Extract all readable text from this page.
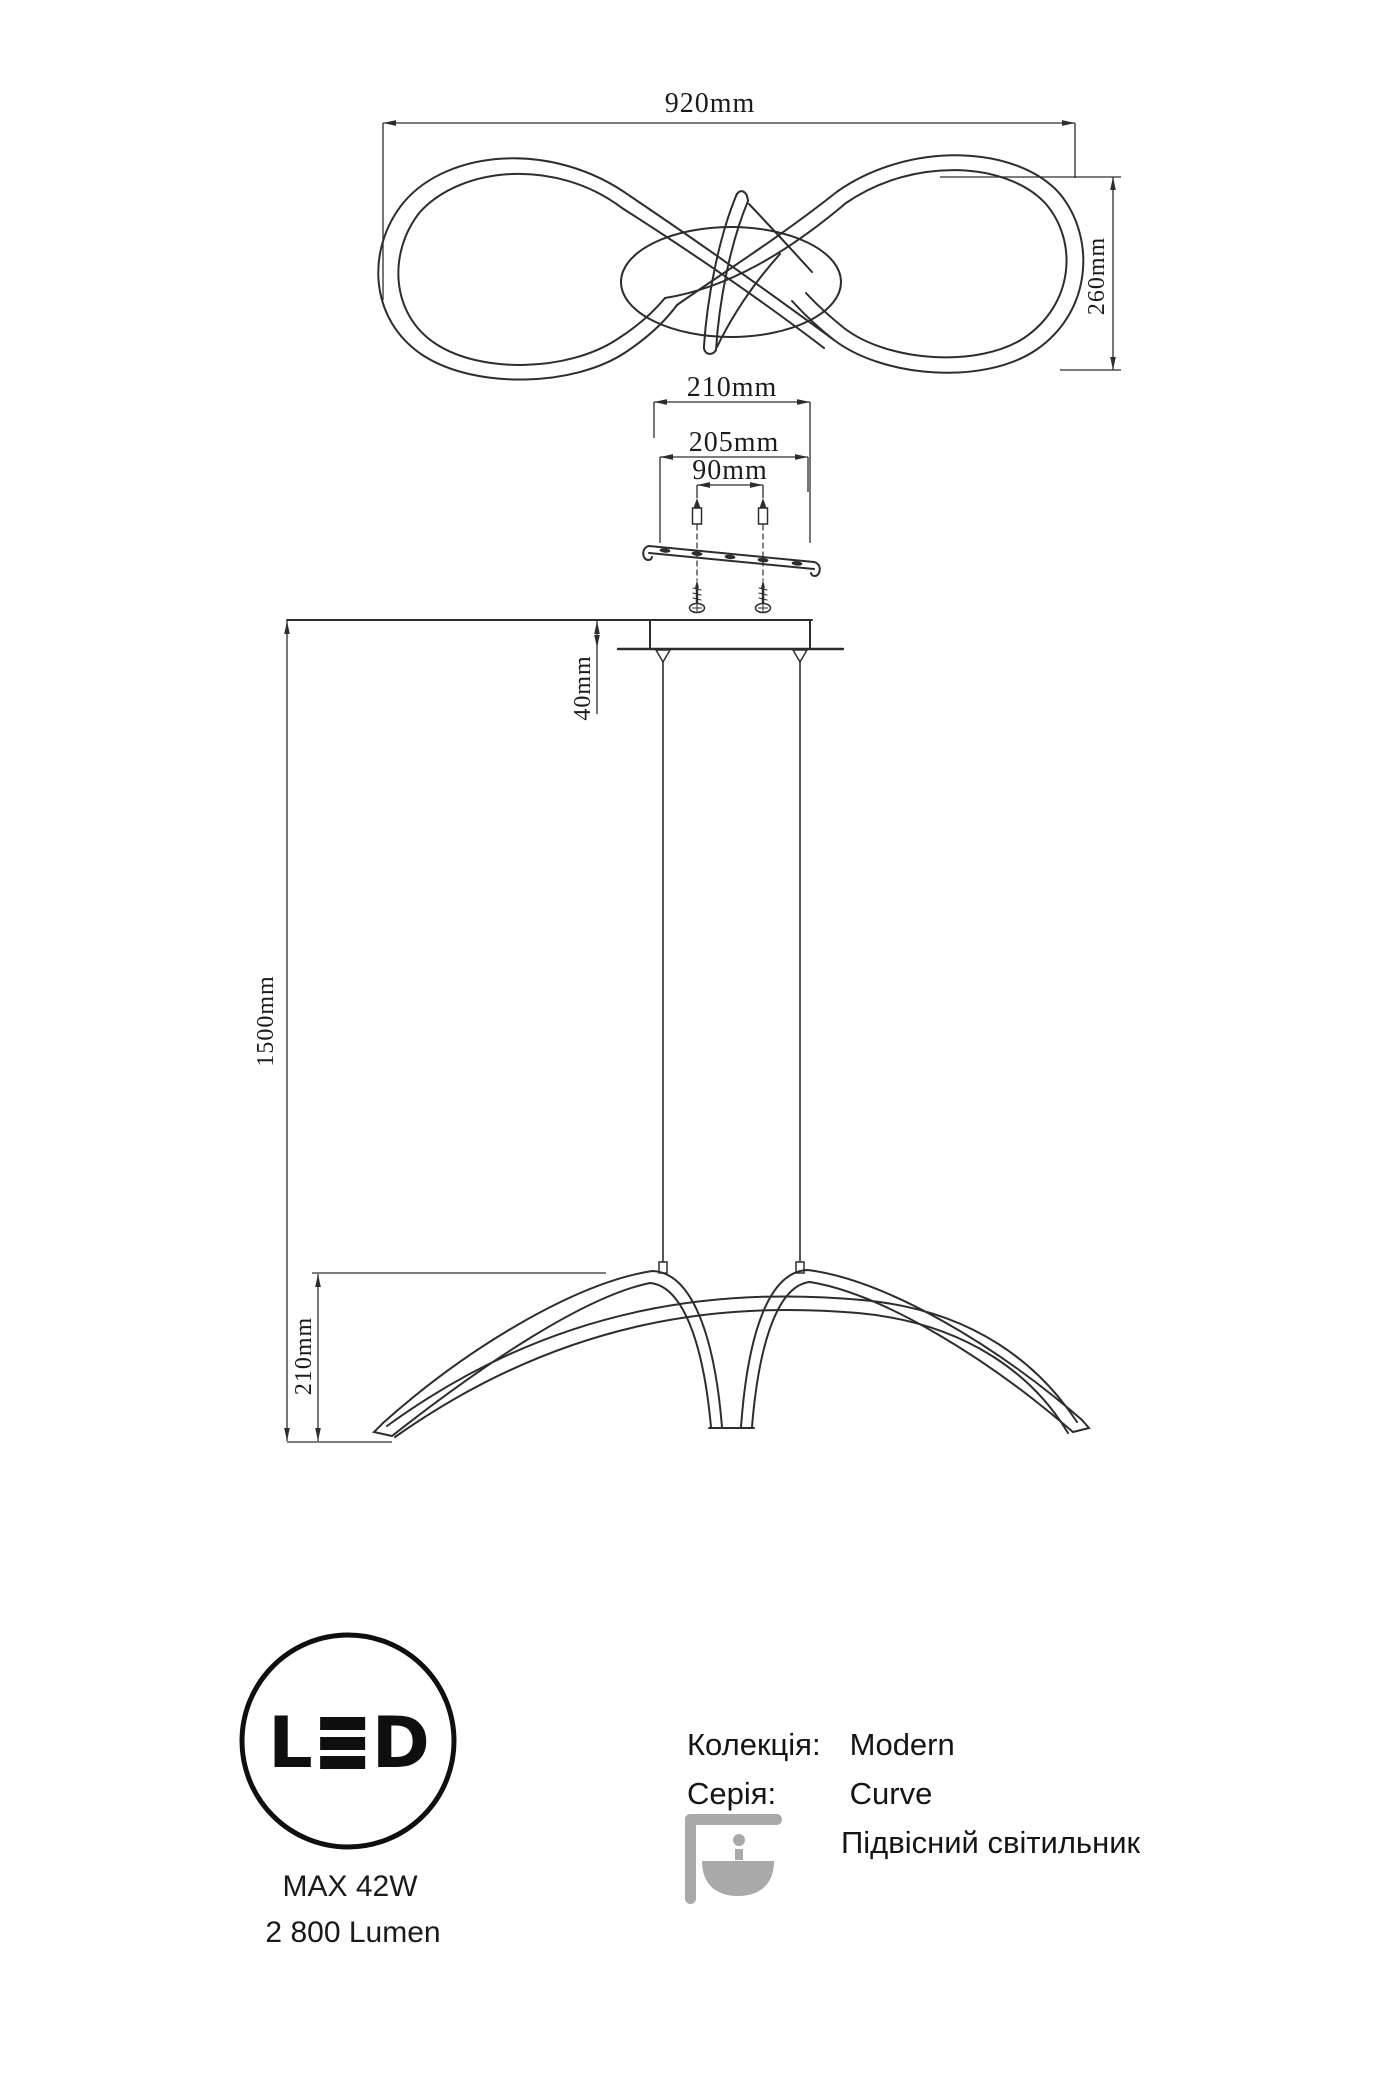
920mm
260mm
210mm
205mm
90mm
40mm
1500mm
210mm
L D
MAX 42W
2 800 Lumen
Колекція: Modern
Серія: Curve
Підвісний світильник
